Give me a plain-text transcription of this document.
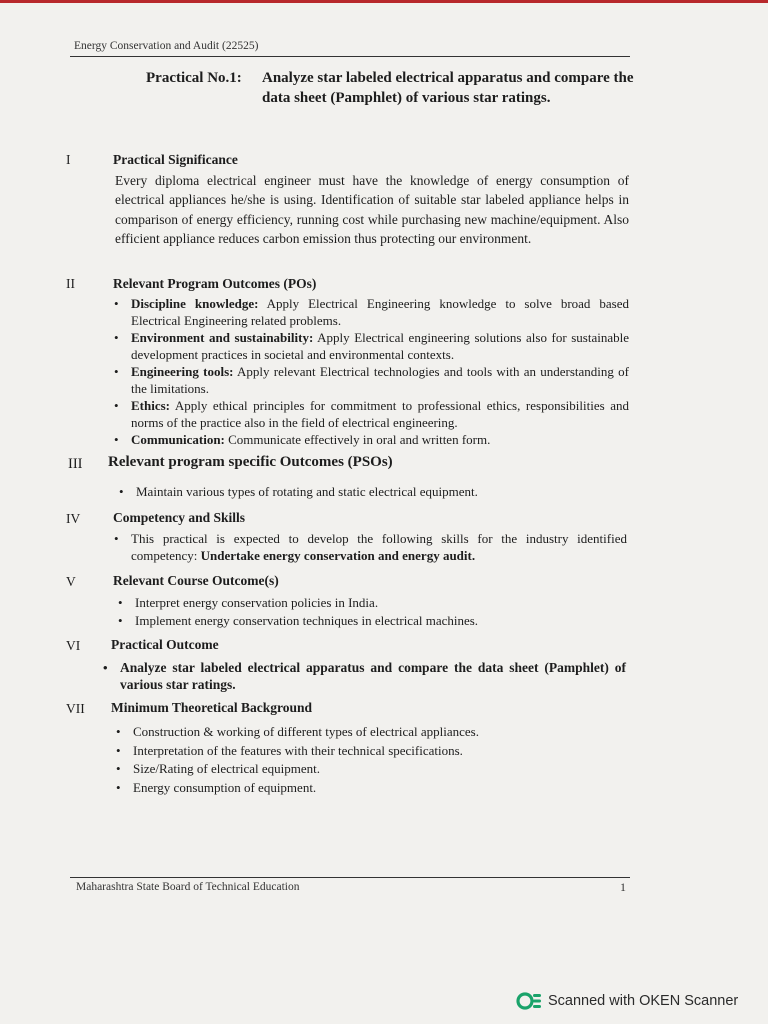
Energy Conservation and Audit (22525)
Practical No.1: Analyze star labeled electrical apparatus and compare the data sheet (Pamphlet) of various star ratings.
I	Practical Significance
Every diploma electrical engineer must have the knowledge of energy consumption of electrical appliances he/she is using. Identification of suitable star labeled appliance helps in comparison of energy efficiency, running cost while purchasing new machine/equipment. Also efficient appliance reduces carbon emission thus protecting our environment.
II	Relevant Program Outcomes (POs)
• Discipline knowledge: Apply Electrical Engineering knowledge to solve broad based Electrical Engineering related problems.
• Environment and sustainability: Apply Electrical engineering solutions also for sustainable development practices in societal and environmental contexts.
• Engineering tools: Apply relevant Electrical technologies and tools with an understanding of the limitations.
• Ethics: Apply ethical principles for commitment to professional ethics, responsibilities and norms of the practice also in the field of electrical engineering.
• Communication: Communicate effectively in oral and written form.
III	Relevant program specific Outcomes (PSOs)
• Maintain various types of rotating and static electrical equipment.
IV	Competency and Skills
• This practical is expected to develop the following skills for the industry identified competency: Undertake energy conservation and energy audit.
V	Relevant Course Outcome(s)
• Interpret energy conservation policies in India.
• Implement energy conservation techniques in electrical machines.
VI	Practical Outcome
• Analyze star labeled electrical apparatus and compare the data sheet (Pamphlet) of various star ratings.
VII	Minimum Theoretical Background
• Construction & working of different types of electrical appliances.
• Interpretation of the features with their technical specifications.
• Size/Rating of electrical equipment.
• Energy consumption of equipment.
Maharashtra State Board of Technical Education	1
Scanned with OKEN Scanner
